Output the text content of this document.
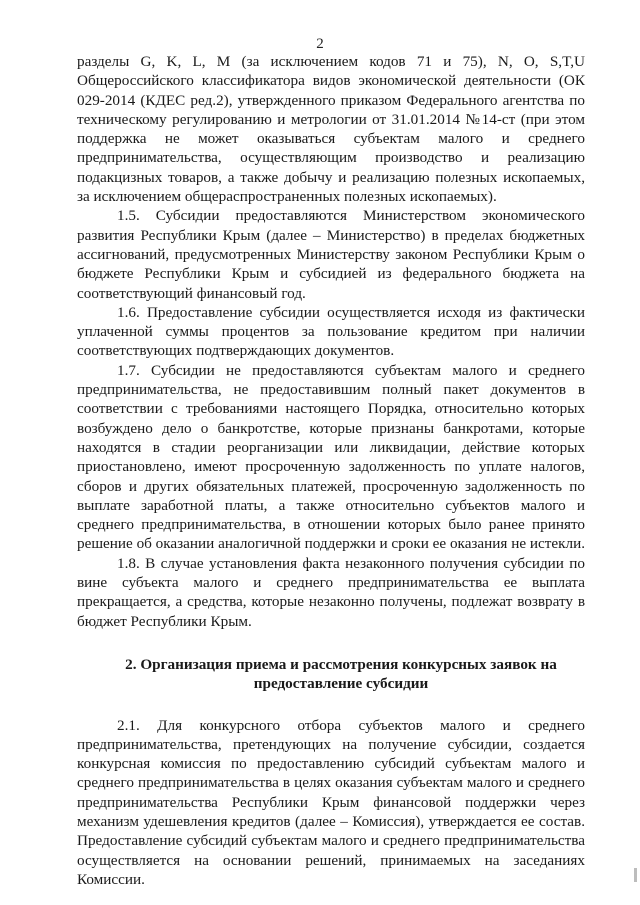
2

разделы G, K, L, M (за исключением кодов 71 и 75), N, O, S,T,U Общероссийского классификатора видов экономической деятельности (ОК 029-2014 (КДЕС ред.2), утвержденного приказом Федерального агентства по техническому регулированию и метрологии от 31.01.2014 №14-ст (при этом поддержка не может оказываться субъектам малого и среднего предпринимательства, осуществляющим производство и реализацию подакцизных товаров, а также добычу и реализацию полезных ископаемых, за исключением общераспространенных полезных ископаемых).

1.5. Субсидии предоставляются Министерством экономического развития Республики Крым (далее – Министерство) в пределах бюджетных ассигнований, предусмотренных Министерству законом Республики Крым о бюджете Республики Крым и субсидией из федерального бюджета на соответствующий финансовый год.

1.6. Предоставление субсидии осуществляется исходя из фактически уплаченной суммы процентов за пользование кредитом при наличии соответствующих подтверждающих документов.

1.7. Субсидии не предоставляются субъектам малого и среднего предпринимательства, не предоставившим полный пакет документов в соответствии с требованиями настоящего Порядка, относительно которых возбуждено дело о банкротстве, которые признаны банкротами, которые находятся в стадии реорганизации или ликвидации, действие которых приостановлено, имеют просроченную задолженность по уплате налогов, сборов и других обязательных платежей, просроченную задолженность по выплате заработной платы, а также относительно субъектов малого и среднего предпринимательства, в отношении которых было ранее принято решение об оказании аналогичной поддержки и сроки ее оказания не истекли.

1.8. В случае установления факта незаконного получения субсидии по вине субъекта малого и среднего предпринимательства ее выплата прекращается, а средства, которые незаконно получены, подлежат возврату в бюджет Республики Крым.

2. Организация приема и рассмотрения конкурсных заявок на предоставление субсидии

2.1. Для конкурсного отбора субъектов малого и среднего предпринимательства, претендующих на получение субсидии, создается конкурсная комиссия по предоставлению субсидий субъектам малого и среднего предпринимательства в целях оказания субъектам малого и среднего предпринимательства Республики Крым финансовой поддержки через механизм удешевления кредитов (далее – Комиссия), утверждается ее состав. Предоставление субсидий субъектам малого и среднего предпринимательства осуществляется на основании решений, принимаемых на заседаниях Комиссии.
